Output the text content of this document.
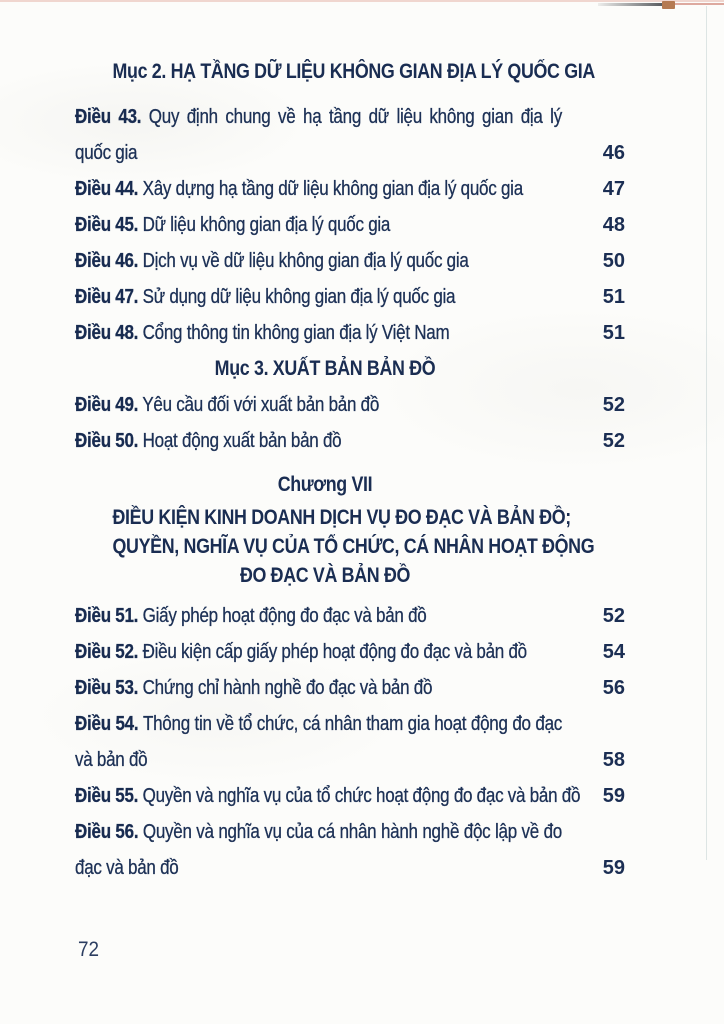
Mục 2. HẠ TẦNG DỮ LIỆU KHÔNG GIAN ĐỊA LÝ QUỐC GIA
Điều 43. Quy định chung về hạ tầng dữ liệu không gian địa lý
quốc gia	46
Điều 44. Xây dựng hạ tầng dữ liệu không gian địa lý quốc gia	47
Điều 45. Dữ liệu không gian địa lý quốc gia	48
Điều 46. Dịch vụ về dữ liệu không gian địa lý quốc gia	50
Điều 47. Sử dụng dữ liệu không gian địa lý quốc gia	51
Điều 48. Cổng thông tin không gian địa lý Việt Nam	51
Mục 3. XUẤT BẢN BẢN ĐỒ
Điều 49. Yêu cầu đối với xuất bản bản đồ	52
Điều 50. Hoạt động xuất bản bản đồ	52
Chương VII
ĐIỀU KIỆN KINH DOANH DỊCH VỤ ĐO ĐẠC VÀ BẢN ĐỒ;
QUYỀN, NGHĨA VỤ CỦA TỔ CHỨC, CÁ NHÂN HOẠT ĐỘNG
ĐO ĐẠC VÀ BẢN ĐỒ
Điều 51. Giấy phép hoạt động đo đạc và bản đồ	52
Điều 52. Điều kiện cấp giấy phép hoạt động đo đạc và bản đồ	54
Điều 53. Chứng chỉ hành nghề đo đạc và bản đồ	56
Điều 54. Thông tin về tổ chức, cá nhân tham gia hoạt động đo đạc
và bản đồ	58
Điều 55. Quyền và nghĩa vụ của tổ chức hoạt động đo đạc và bản đồ	59
Điều 56. Quyền và nghĩa vụ của cá nhân hành nghề độc lập về đo
đạc và bản đồ	59
72
